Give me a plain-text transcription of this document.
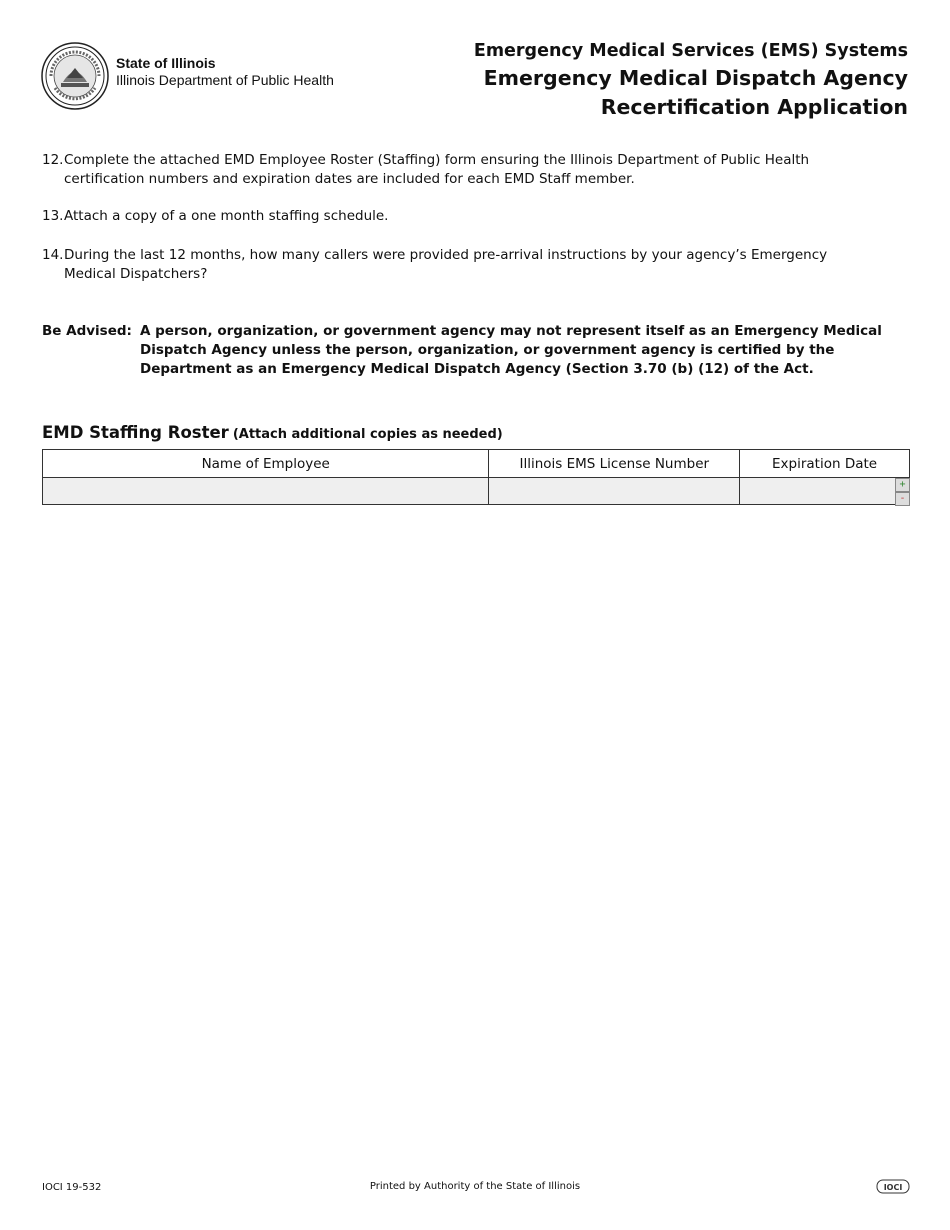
State of Illinois
Illinois Department of Public Health
Emergency Medical Services (EMS) Systems
Emergency Medical Dispatch Agency
Recertification Application
12. Complete the attached EMD Employee Roster (Staffing) form ensuring the Illinois Department of Public Health certification numbers and expiration dates are included for each EMD Staff member.
13. Attach a copy of a one month staffing schedule.
14. During the last 12 months, how many callers were provided pre-arrival instructions by your agency’s Emergency Medical Dispatchers?
Be Advised: A person, organization, or government agency may not represent itself as an Emergency Medical Dispatch Agency unless the person, organization, or government agency is certified by the Department as an Emergency Medical Dispatch Agency (Section 3.70 (b) (12) of the Act.
EMD Staffing Roster (Attach additional copies as needed)
Name of Employee	Illinois EMS License Number	Expiration Date

		+
-
IOCI 19-532	Printed by Authority of the State of Illinois	IOCI
